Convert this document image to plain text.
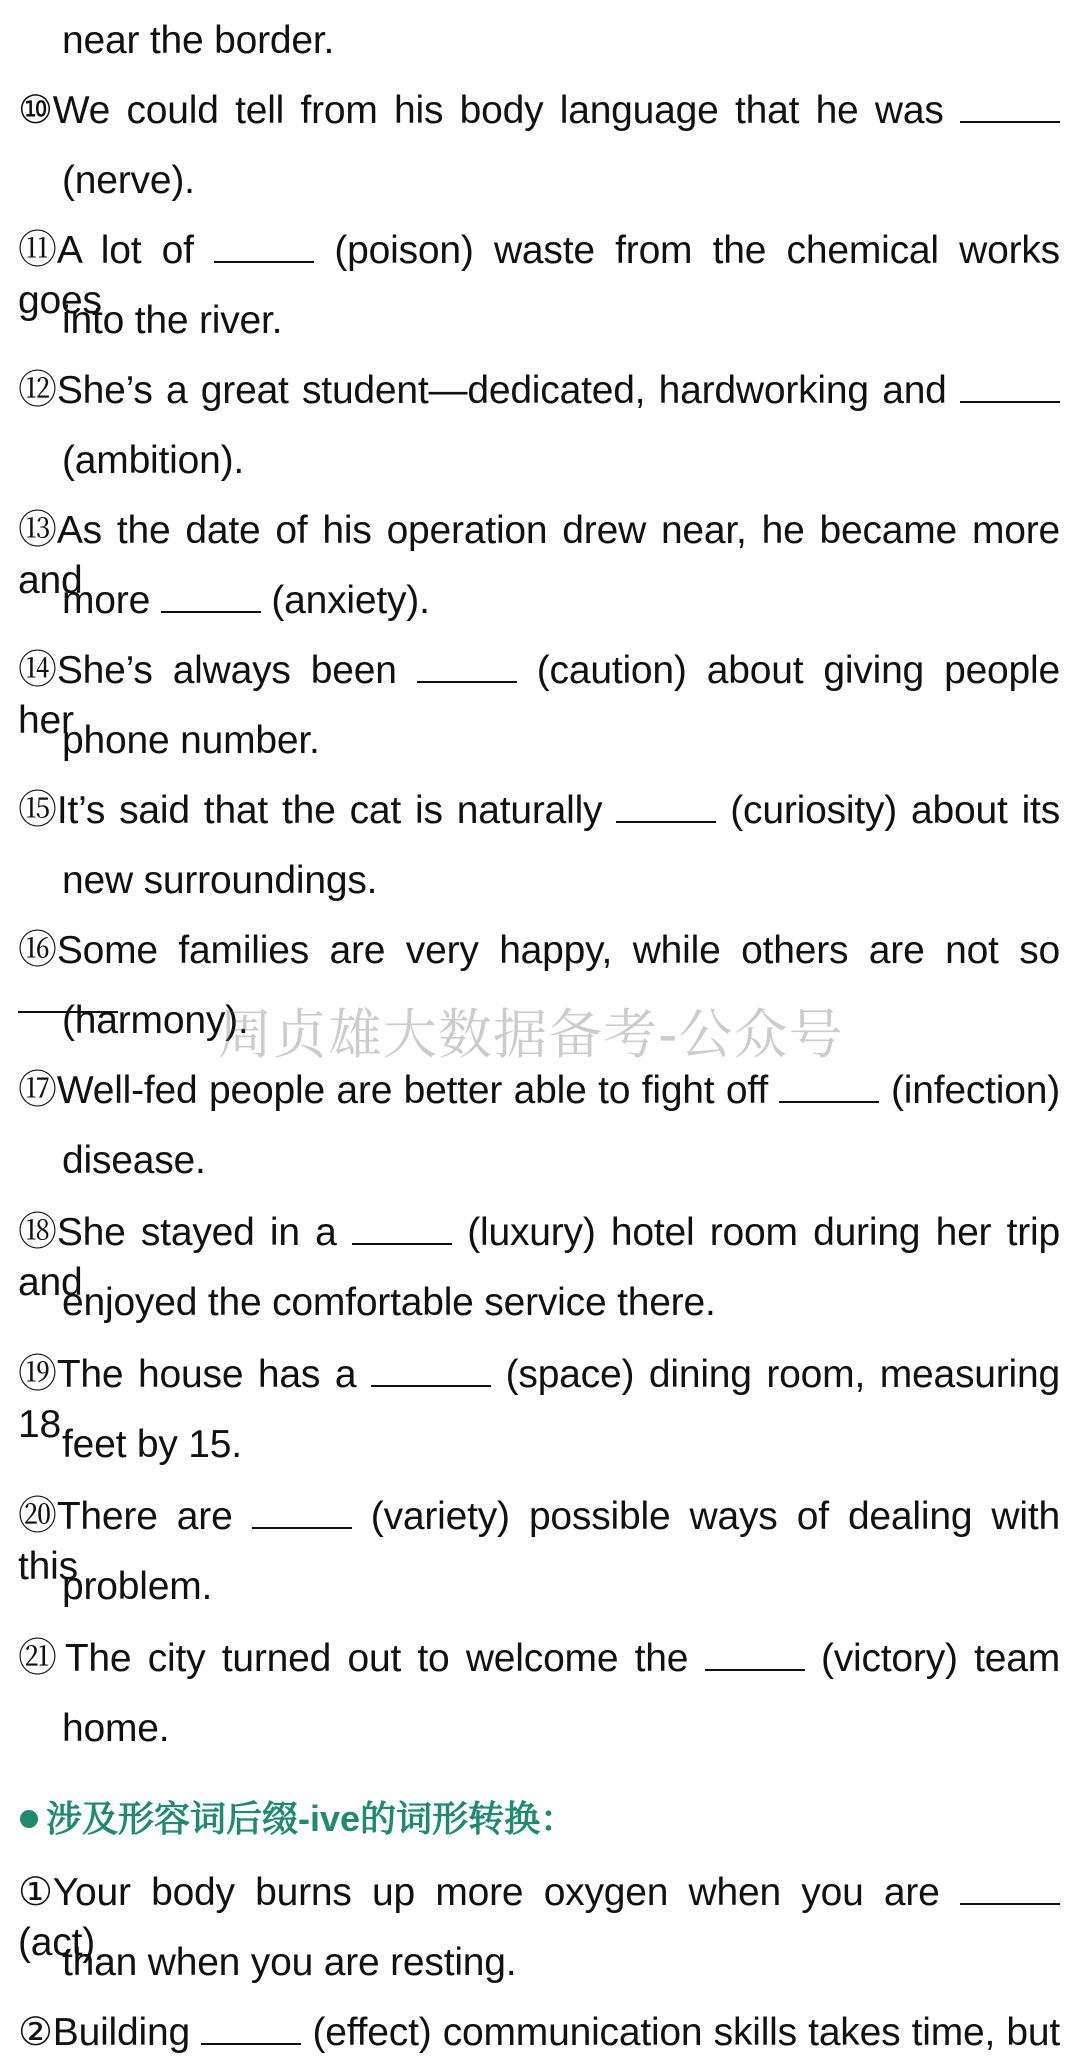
near the border.
⑩We could tell from his body language that he was
(nerve).
⑪A lot of	(poison) waste from the chemical works goes
into the river.
⑫She’s a great student—dedicated, hardworking and
(ambition).
⑬As the date of his operation drew near, he became more and
more	(anxiety).
⑭She’s always been	(caution) about giving people her
phone number.
⑮It’s said that the cat is naturally	(curiosity) about its
new surroundings.
⑯Some families are very happy, while others are not so
(harmony).
⑰Well-fed people are better able to fight off	(infection)
disease.
⑱She stayed in a	(luxury) hotel room during her trip and
enjoyed the comfortable service there.
⑲The house has a	(space) dining room, measuring 18 feet by 15.
⑳There are	(variety) possible ways of dealing with this
problem.
㉑ The city turned out to welcome the	(victory) team
home.
涉及形容词后缀-ive的词形转换：
①Your body burns up more oxygen when you are  (act)
than when you are resting.
②Building	(effect) communication skills takes time, but
周贞雄大数据备考-公众号
